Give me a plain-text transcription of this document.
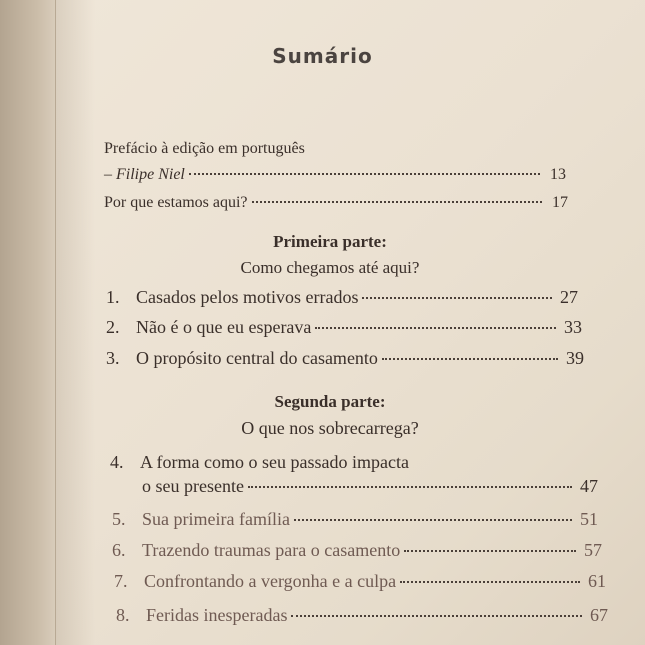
Sumário
Prefácio à edição em português
– Filipe Niel	13
Por que estamos aqui?	17
Primeira parte:
Como chegamos até aqui?
1. Casados pelos motivos errados	27
2. Não é o que eu esperava	33
3. O propósito central do casamento	39
Segunda parte:
O que nos sobrecarrega?
4. A forma como o seu passado impacta
o seu presente	47
5. Sua primeira família	51
6. Trazendo traumas para o casamento	57
7. Confrontando a vergonha e a culpa	61
8. Feridas inesperadas	67
